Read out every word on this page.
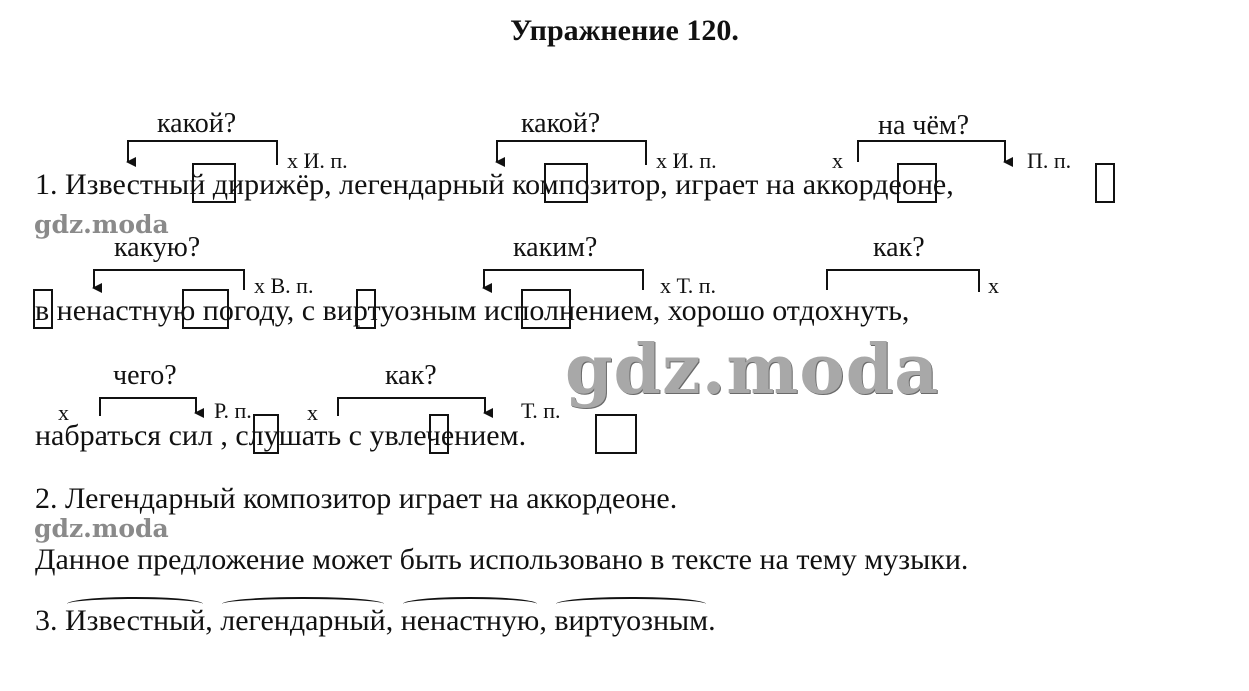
Упражнение 120.
какой?	какой?	на чём?
какую?	каким?	как?
чего?	как?
x И. п.	x И. п.	x	П. п.
x В. п.	x Т. п.	x
x	Р. п.	x	Т. п.
1. Известный дирижёр, легендарный композитор, играет на аккордеоне,
в ненастную погоду, с виртуозным исполнением, хорошо отдохнуть,
набраться сил , слушать с увлечением.
2. Легендарный композитор играет на аккордеоне.
Данное предложение может быть использовано в тексте на тему музыки.
3. Известный, легендарный, ненастную, виртуозным.
gdz.moda
gdz.moda
gdz.moda
